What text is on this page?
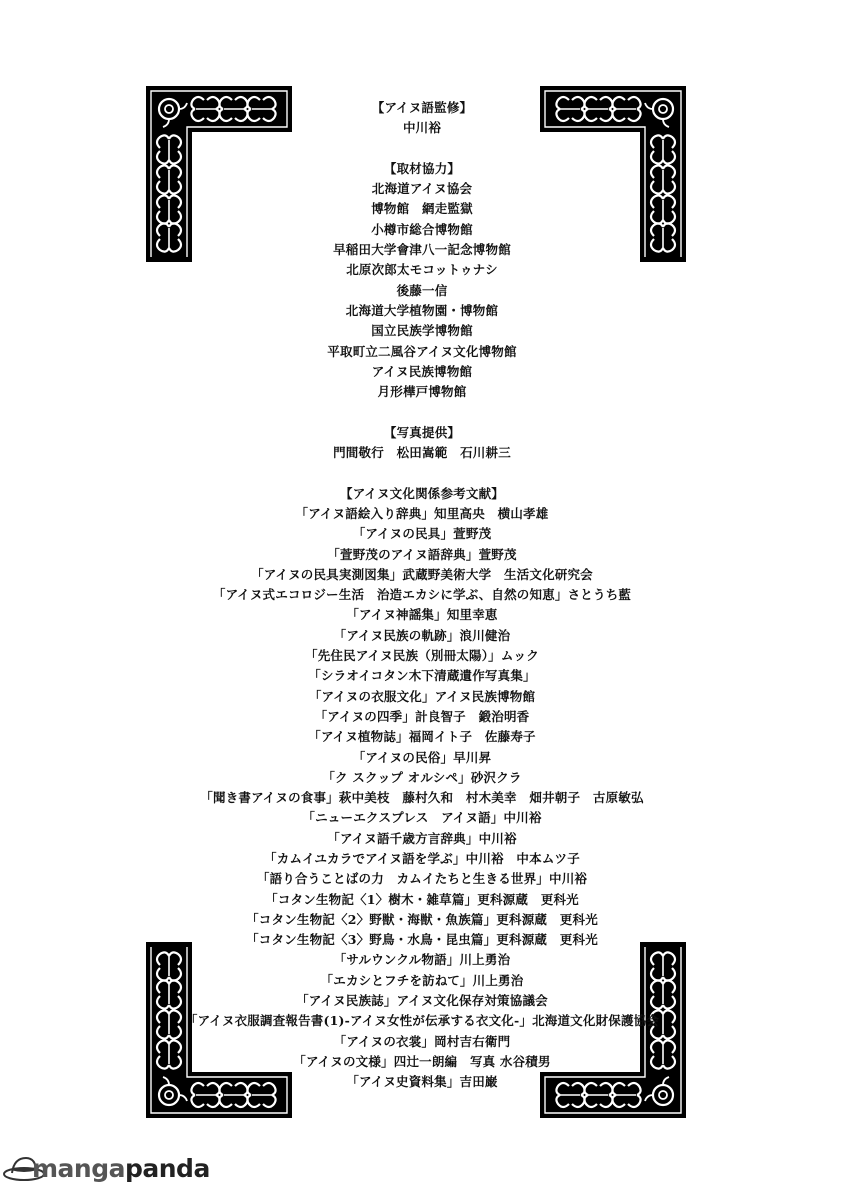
【アイヌ語監修】
中川裕
【取材協力】
北海道アイヌ協会
博物館　網走監獄
小樽市総合博物館
早稲田大学會津八一記念博物館
北原次郎太モコットゥナシ
後藤一信
北海道大学植物園・博物館
国立民族学博物館
平取町立二風谷アイヌ文化博物館
アイヌ民族博物館
月形樺戸博物館
【写真提供】
門間敬行　松田嵩範　石川耕三
【アイヌ文化関係参考文献】
「アイヌ語絵入り辞典」知里高央　横山孝雄
「アイヌの民具」萱野茂
「萱野茂のアイヌ語辞典」萱野茂
「アイヌの民具実測図集」武蔵野美術大学　生活文化研究会
「アイヌ式エコロジー生活　治造エカシに学ぶ、自然の知恵」さとうち藍
「アイヌ神謡集」知里幸恵
「アイヌ民族の軌跡」浪川健治
「先住民アイヌ民族（別冊太陽）」ムック
「シラオイコタン木下清蔵遺作写真集」
「アイヌの衣服文化」アイヌ民族博物館
「アイヌの四季」計良智子　鍛治明香
「アイヌ植物誌」福岡イト子　佐藤寿子
「アイヌの民俗」早川昇
「ク スクップ オルシペ」砂沢クラ
「聞き書アイヌの食事」萩中美枝　藤村久和　村木美幸　畑井朝子　古原敏弘
「ニューエクスプレス　アイヌ語」中川裕
「アイヌ語千歳方言辞典」中川裕
「カムイユカラでアイヌ語を学ぶ」中川裕　中本ムツ子
「語り合うことばの力　カムイたちと生きる世界」中川裕
「コタン生物記〈1〉樹木・雑草篇」更科源蔵　更科光
「コタン生物記〈2〉野獣・海獣・魚族篇」更科源蔵　更科光
「コタン生物記〈3〉野鳥・水鳥・昆虫篇」更科源蔵　更科光
「サルウンクル物語」川上勇治
「エカシとフチを訪ねて」川上勇治
「アイヌ民族誌」アイヌ文化保存対策協議会
「アイヌ衣服調査報告書(1)-アイヌ女性が伝承する衣文化-」北海道文化財保護協会
「アイヌの衣裳」岡村吉右衛門
「アイヌの文様」四辻一朗編　写真 水谷積男
「アイヌ史資料集」吉田巌
mangapanda
